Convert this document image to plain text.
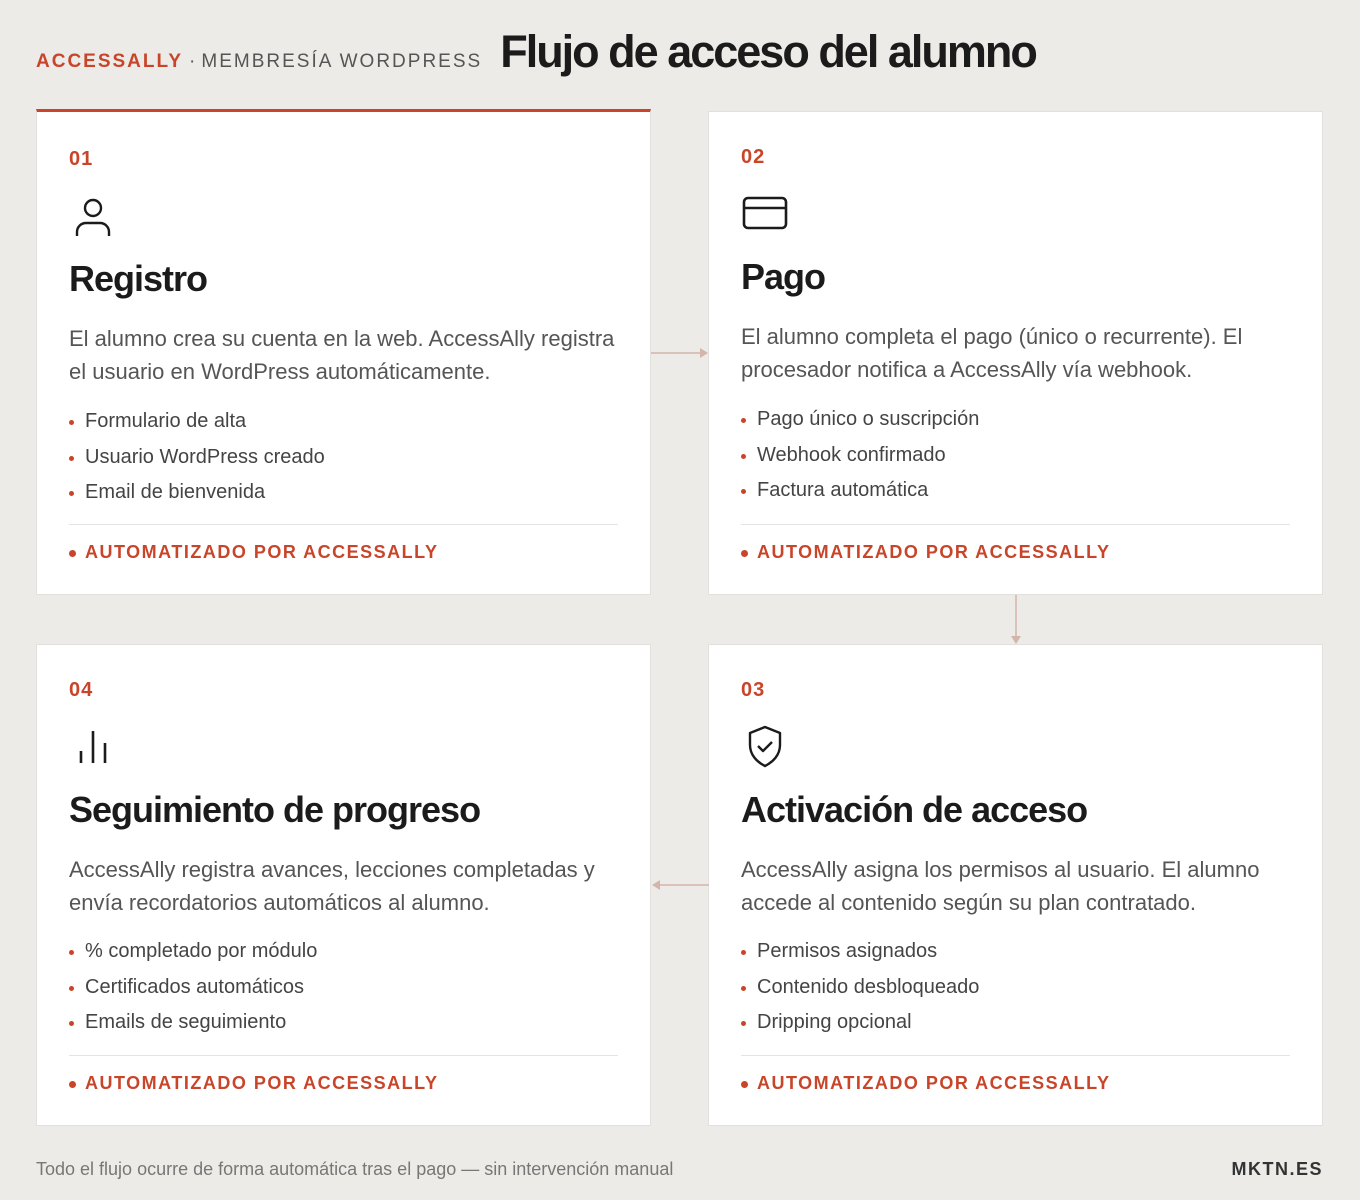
ACCESSALLY · MEMBRESÍA WORDPRESS Flujo de acceso del alumno
01
Registro
El alumno crea su cuenta en la web. AccessAlly registra el usuario en WordPress automáticamente.
Formulario de alta
Usuario WordPress creado
Email de bienvenida
AUTOMATIZADO POR ACCESSALLY
02
Pago
El alumno completa el pago (único o recurrente). El procesador notifica a AccessAlly vía webhook.
Pago único o suscripción
Webhook confirmado
Factura automática
AUTOMATIZADO POR ACCESSALLY
04
Seguimiento de progreso
AccessAlly registra avances, lecciones completadas y envía recordatorios automáticos al alumno.
% completado por módulo
Certificados automáticos
Emails de seguimiento
AUTOMATIZADO POR ACCESSALLY
03
Activación de acceso
AccessAlly asigna los permisos al usuario. El alumno accede al contenido según su plan contratado.
Permisos asignados
Contenido desbloqueado
Dripping opcional
AUTOMATIZADO POR ACCESSALLY
Todo el flujo ocurre de forma automática tras el pago — sin intervención manual	MKTN.ES
